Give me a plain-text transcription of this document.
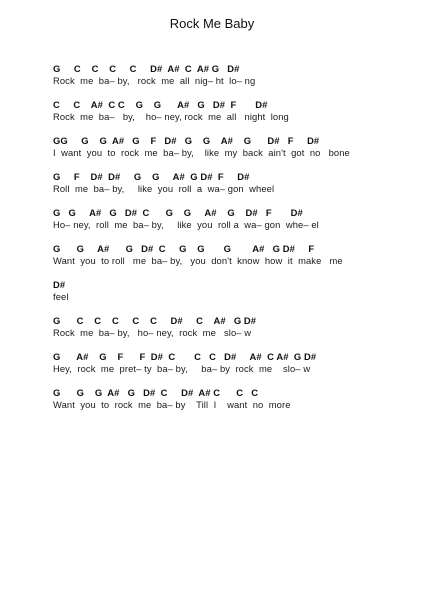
Rock Me Baby
G     C    C    C     C     D#  A#  C  A# G   D#
Rock  me  ba– by,   rock  me  all  nig– ht  lo– ng
C     C    A#  C C    G    G      A#   G   D#  F       D#
Rock  me  ba–   by,    ho– ney, rock  me  all   night  long
GG     G    G  A#   G    F   D#   G    G    A#    G      D#   F     D#
I  want  you  to  rock  me  ba– by,    like  my  back  ain't  got  no   bone
G     F    D#  D#     G    G     A#  G D#  F     D#
Roll  me  ba– by,     like  you  roll  a  wa– gon  wheel
G   G     A#   G   D#  C      G    G     A#    G    D#   F       D#
Ho– ney,  roll  me  ba– by,     like  you  roll a  wa– gon  whe– el
G      G     A#      G   D#  C     G    G       G        A#   G D#     F
Want  you  to roll   me  ba– by,   you  don't  know  how  it  make   me
D#
feel
G      C    C    C     C    C     D#     C    A#   G D#
Rock  me  ba– by,   ho– ney,  rock  me   slo– w
G      A#    G    F      F  D#  C       C   C   D#     A#  C A#  G D#
Hey,  rock  me  pret– ty  ba– by,     ba– by  rock  me    slo– w
G      G    G  A#   G   D#  C     D#  A# C      C   C
Want  you  to  rock  me  ba– by    Till  I    want  no  more
